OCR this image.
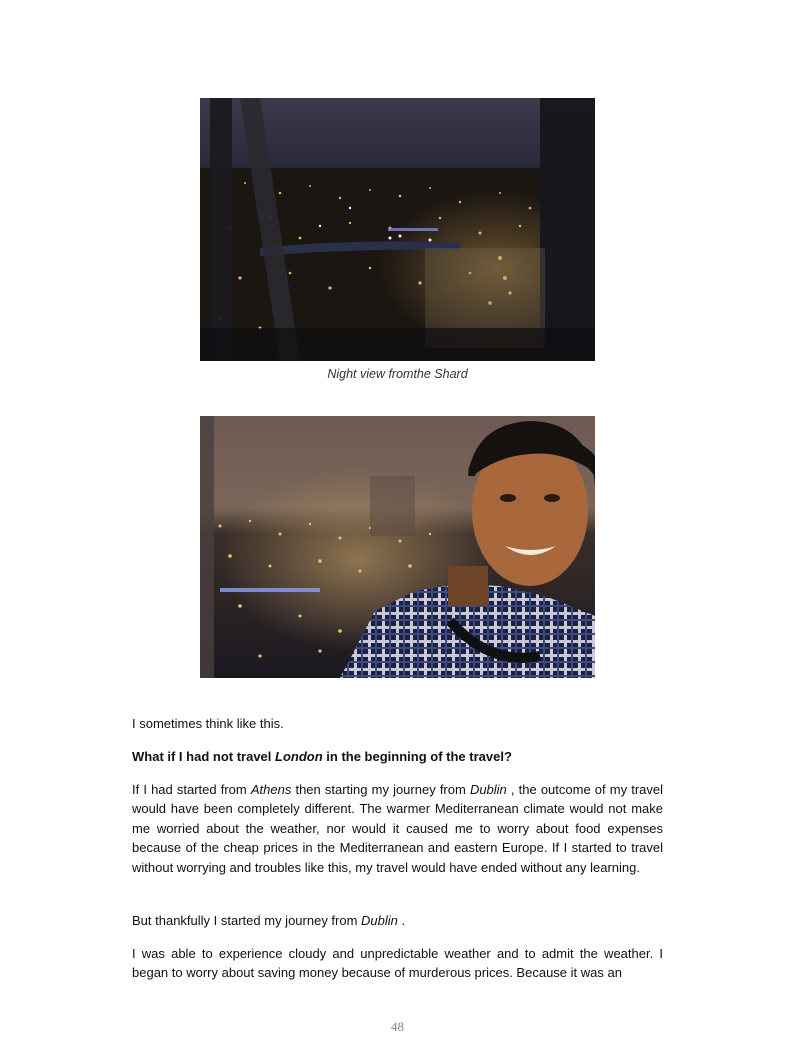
Night view fromthe Shard

I sometimes think like this.

What if I had not travel London in the beginning of the travel?

If I had started from Athens then starting my journey from Dublin , the outcome of my travel would have been completely different. The warmer Mediterranean climate would not make me worried about the weather, nor would it caused me to worry about food expenses because of the cheap prices in the Mediterranean and eastern Europe. If I started to travel without worrying and troubles like this, my travel would have ended without any learning.

But thankfully I started my journey from Dublin .

I was able to experience cloudy and unpredictable weather and to admit the weather. I began to worry about saving money because of murderous prices. Because it was an

48
